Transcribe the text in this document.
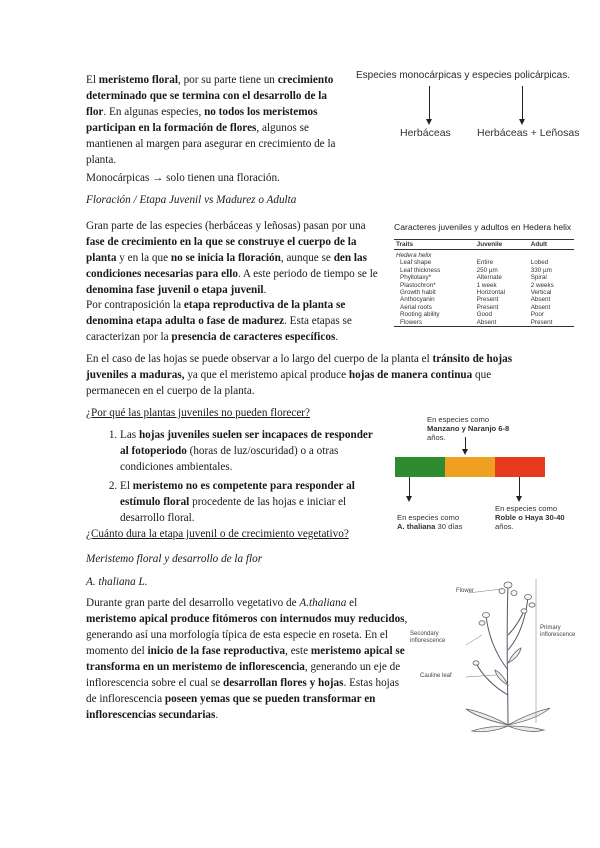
El meristemo floral, por su parte tiene un crecimiento determinado que se termina con el desarrollo de la flor. En algunas especies, no todos los meristemos participan en la formación de flores, algunos se mantienen al margen para asegurar en crecimiento de la planta.

Monocárpicas → solo tienen una floración.

Floración / Etapa Juvenil vs Madurez o Adulta

Gran parte de las especies (herbáceas y leñosas) pasan por una fase de crecimiento en la que se construye el cuerpo de la planta y en la que no se inicia la floración, aunque se den las condiciones necesarias para ello. A este periodo de tiempo se le denomina fase juvenil o etapa juvenil.

Por contraposición la etapa reproductiva de la planta se denomina etapa adulta o fase de madurez. Esta etapas se caracterizan por la presencia de caracteres específicos.

En el caso de las hojas se puede observar a lo largo del cuerpo de la planta el tránsito de hojas juveniles a maduras, ya que el meristemo apical produce hojas de manera continua que permanecen en el cuerpo de la planta.

¿Por qué las plantas juveniles no pueden florecer?

1. Las hojas juveniles suelen ser incapaces de responder al fotoperiodo (horas de luz/oscuridad) o a otras condiciones ambientales.
2. El meristemo no es competente para responder al estímulo floral procedente de las hojas e iniciar el desarrollo floral.

¿Cuánto dura la etapa juvenil o de crecimiento vegetativo?

Meristemo floral y desarrollo de la flor

A. thaliana L.

Durante gran parte del desarrollo vegetativo de A.thaliana el meristemo apical produce fitómeros con internudos muy reducidos, generando así una morfología típica de esta especie en roseta. En el momento del inicio de la fase reproductiva, este meristemo apical se transforma en un meristemo de inflorescencia, generando un eje de inflorescencia sobre el cual se desarrollan flores y hojas. Estas hojas de inflorescencia poseen yemas que se pueden transformar en inflorescencias secundarias.

Especies monocárpicas y especies policárpicas.
Herbáceas Herbáceas + Leñosas
Caracteres juveniles y adultos en Hedera helix
Traits	Juvenile	Adult
Hedera helix		
Leaf shape	Entire	Lobed
Leaf thickness	250 µm	330 µm
Phyllotaxy*	Alternate	Spiral
Plastochron*	1 week	2 weeks
Growth habit	Horizontal	Vertical
Anthocyanin	Present	Absent
Aerial roots	Present	Absent
Rooting ability	Good	Poor
Flowers	Absent	Present
En especies como Manzano y Naranjo 6-8 años.
En especies como A. thaliana 30 días
En especies como Roble o Haya 30-40 años.
Flower
Primary inflorescence
Secondary inflorescence
Cauline leaf
